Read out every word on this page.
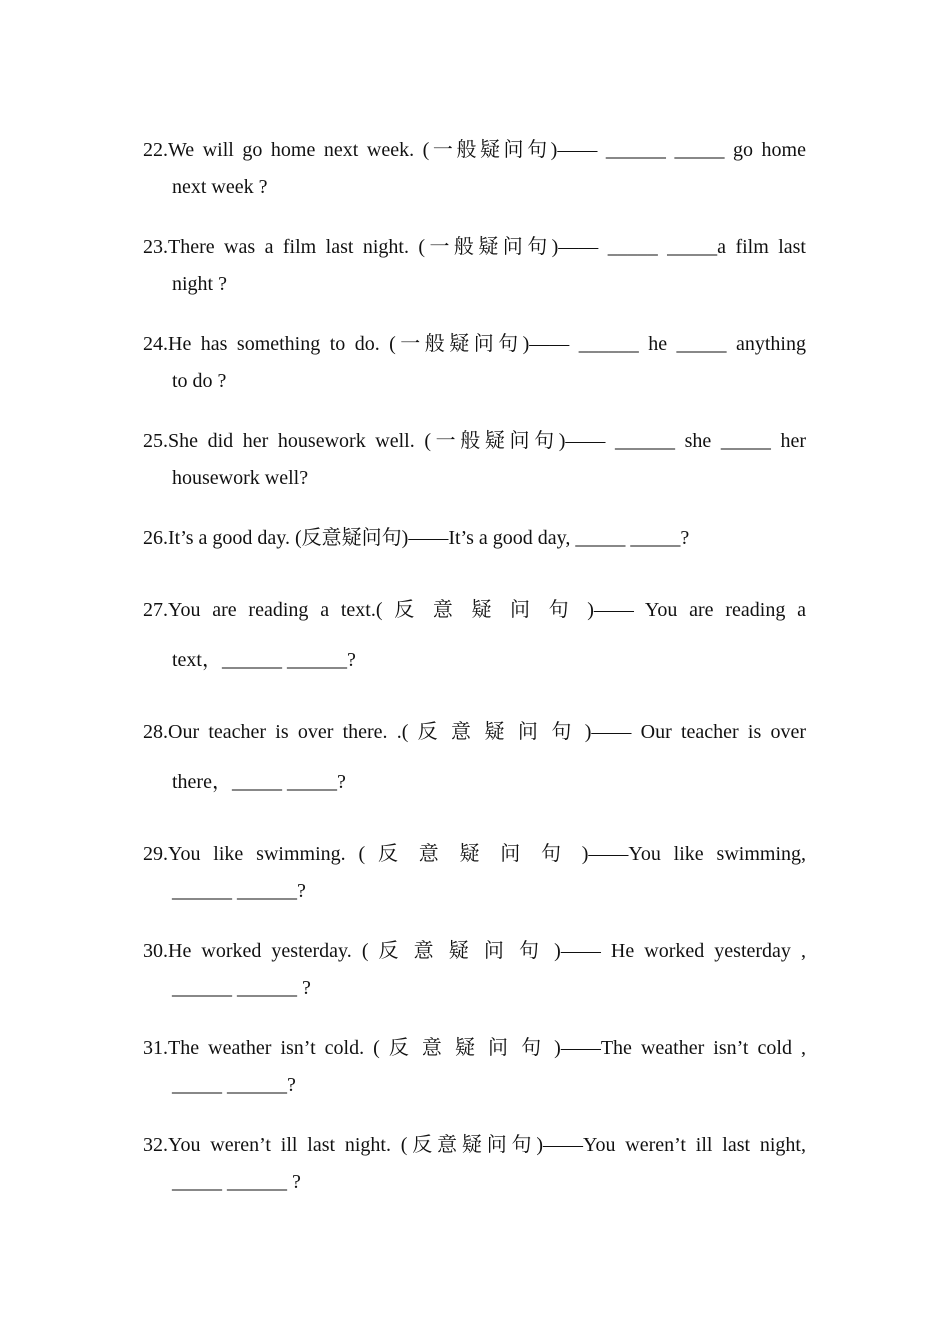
22.We will go home next week. (一般疑问句)—— ______ _____ go home
next week ?
23.There was a film last night. (一般疑问句)—— _____ _____a film last
night ?
24.He has something to do. (一般疑问句)—— ______ he _____ anything
to do ?
25.She did her housework well. (一般疑问句)—— ______ she _____ her
housework well?
26.It’s a good day. (反意疑问句)——It’s a good day, _____ _____?
27.You are reading a text.( 反 意 疑 问 句 )—— You are reading a
text，______ ______?
28.Our teacher is over there. .( 反 意 疑 问 句 )—— Our teacher is over
there，_____ _____?
29.You like swimming. ( 反 意 疑 问 句 )——You like swimming,
______ ______?
30.He worked yesterday. ( 反 意 疑 问 句 )—— He worked yesterday ,
______ ______ ?
31.The weather isn’t cold. ( 反 意 疑 问 句 )——The weather isn’t cold ,
_____ ______?
32.You weren’t ill last night. (反意疑问句)——You weren’t ill last night,
_____ ______ ?
